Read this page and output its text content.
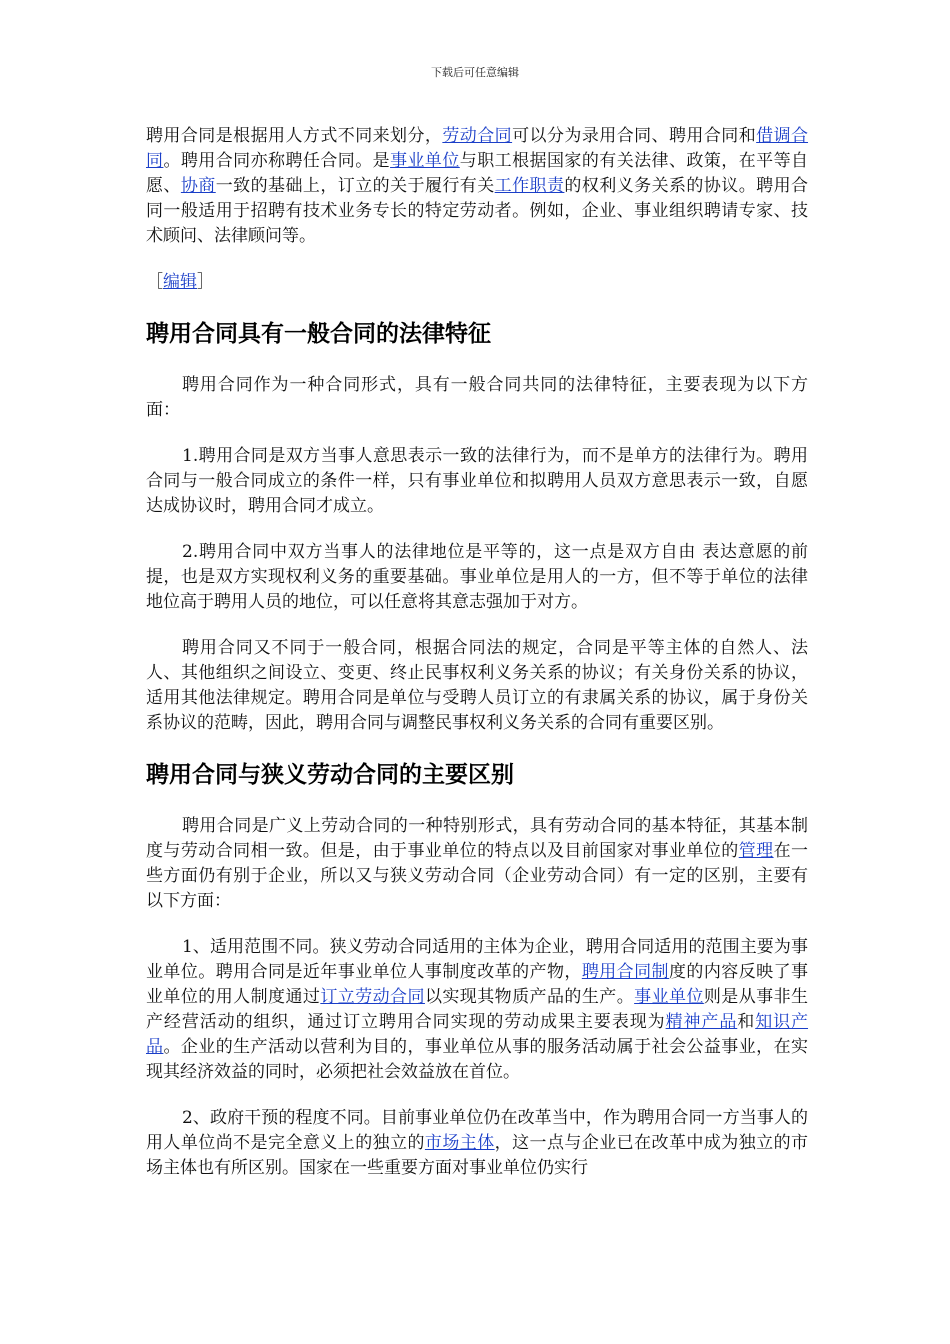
下载后可任意编辑

聘用合同是根据用人方式不同来划分，劳动合同可以分为录用合同、聘用合同和借调合同。聘用合同亦称聘任合同。是事业单位与职工根据国家的有关法律、政策，在平等自愿、协商一致的基础上，订立的关于履行有关工作职责的权利义务关系的协议。聘用合同一般适用于招聘有技术业务专长的特定劳动者。例如，企业、事业组织聘请专家、技术顾问、法律顾问等。

［编辑］
聘用合同具有一般合同的法律特征

聘用合同作为一种合同形式，具有一般合同共同的法律特征，主要表现为以下方面：

1.聘用合同是双方当事人意思表示一致的法律行为，而不是单方的法律行为。聘用合同与一般合同成立的条件一样，只有事业单位和拟聘用人员双方意思表示一致，自愿达成协议时，聘用合同才成立。

2.聘用合同中双方当事人的法律地位是平等的，这一点是双方自由 表达意愿的前提，也是双方实现权利义务的重要基础。事业单位是用人的一方，但不等于单位的法律地位高于聘用人员的地位，可以任意将其意志强加于对方。

聘用合同又不同于一般合同，根据合同法的规定，合同是平等主体的自然人、法人、其他组织之间设立、变更、终止民事权利义务关系的协议；有关身份关系的协议，适用其他法律规定。聘用合同是单位与受聘人员订立的有隶属关系的协议，属于身份关系协议的范畴，因此，聘用合同与调整民事权利义务关系的合同有重要区别。

聘用合同与狭义劳动合同的主要区别

聘用合同是广义上劳动合同的一种特别形式，具有劳动合同的基本特征，其基本制度与劳动合同相一致。但是，由于事业单位的特点以及目前国家对事业单位的管理在一些方面仍有别于企业，所以又与狭义劳动合同（企业劳动合同）有一定的区别，主要有以下方面：

1、适用范围不同。狭义劳动合同适用的主体为企业，聘用合同适用的范围主要为事业单位。聘用合同是近年事业单位人事制度改革的产物，聘用合同制度的内容反映了事业单位的用人制度通过订立劳动合同以实现其物质产品的生产。事业单位则是从事非生产经营活动的组织，通过订立聘用合同实现的劳动成果主要表现为精神产品和知识产品。企业的生产活动以营利为目的，事业单位从事的服务活动属于社会公益事业，在实现其经济效益的同时，必须把社会效益放在首位。

2、政府干预的程度不同。目前事业单位仍在改革当中，作为聘用合同一方当事人的用人单位尚不是完全意义上的独立的市场主体，这一点与企业已在改革中成为独立的市场主体也有所区别。国家在一些重要方面对事业单位仍实行
